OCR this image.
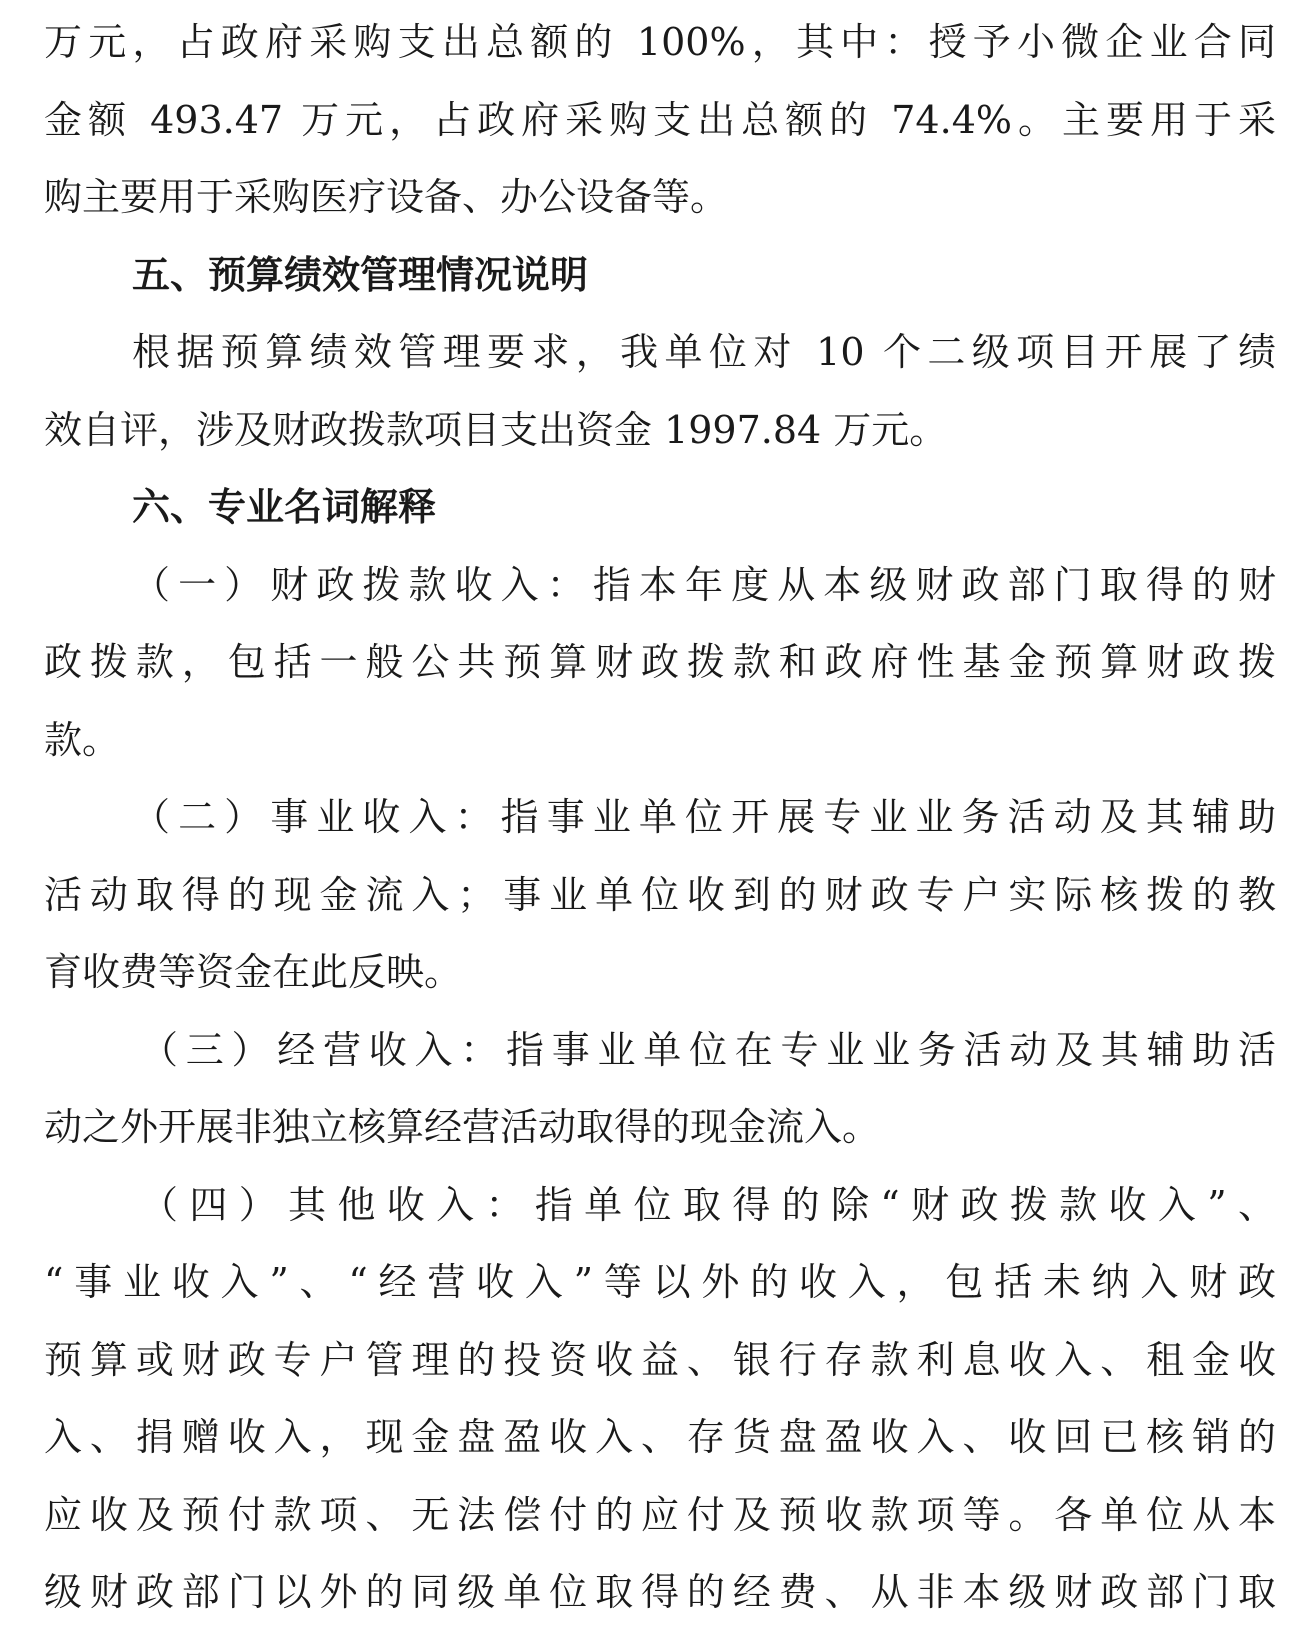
万元，占政府采购支出总额的 100%，其中：授予小微企业合同
金额 493.47 万元，占政府采购支出总额的 74.4%。主要用于采
购主要用于采购医疗设备、办公设备等。
五、预算绩效管理情况说明
根据预算绩效管理要求，我单位对 10 个二级项目开展了绩
效自评，涉及财政拨款项目支出资金 1997.84 万元。
六、专业名词解释
（一）财政拨款收入：指本年度从本级财政部门取得的财
政拨款，包括一般公共预算财政拨款和政府性基金预算财政拨
款。
（二）事业收入：指事业单位开展专业业务活动及其辅助
活动取得的现金流入；事业单位收到的财政专户实际核拨的教
育收费等资金在此反映。
（三）经营收入：指事业单位在专业业务活动及其辅助活
动之外开展非独立核算经营活动取得的现金流入。
（四）其他收入：指单位取得的除“财政拨款收入”、
“事业收入”、“经营收入”等以外的收入，包括未纳入财政
预算或财政专户管理的投资收益、银行存款利息收入、租金收
入、捐赠收入，现金盘盈收入、存货盘盈收入、收回已核销的
应收及预付款项、无法偿付的应付及预收款项等。各单位从本
级财政部门以外的同级单位取得的经费、从非本级财政部门取
